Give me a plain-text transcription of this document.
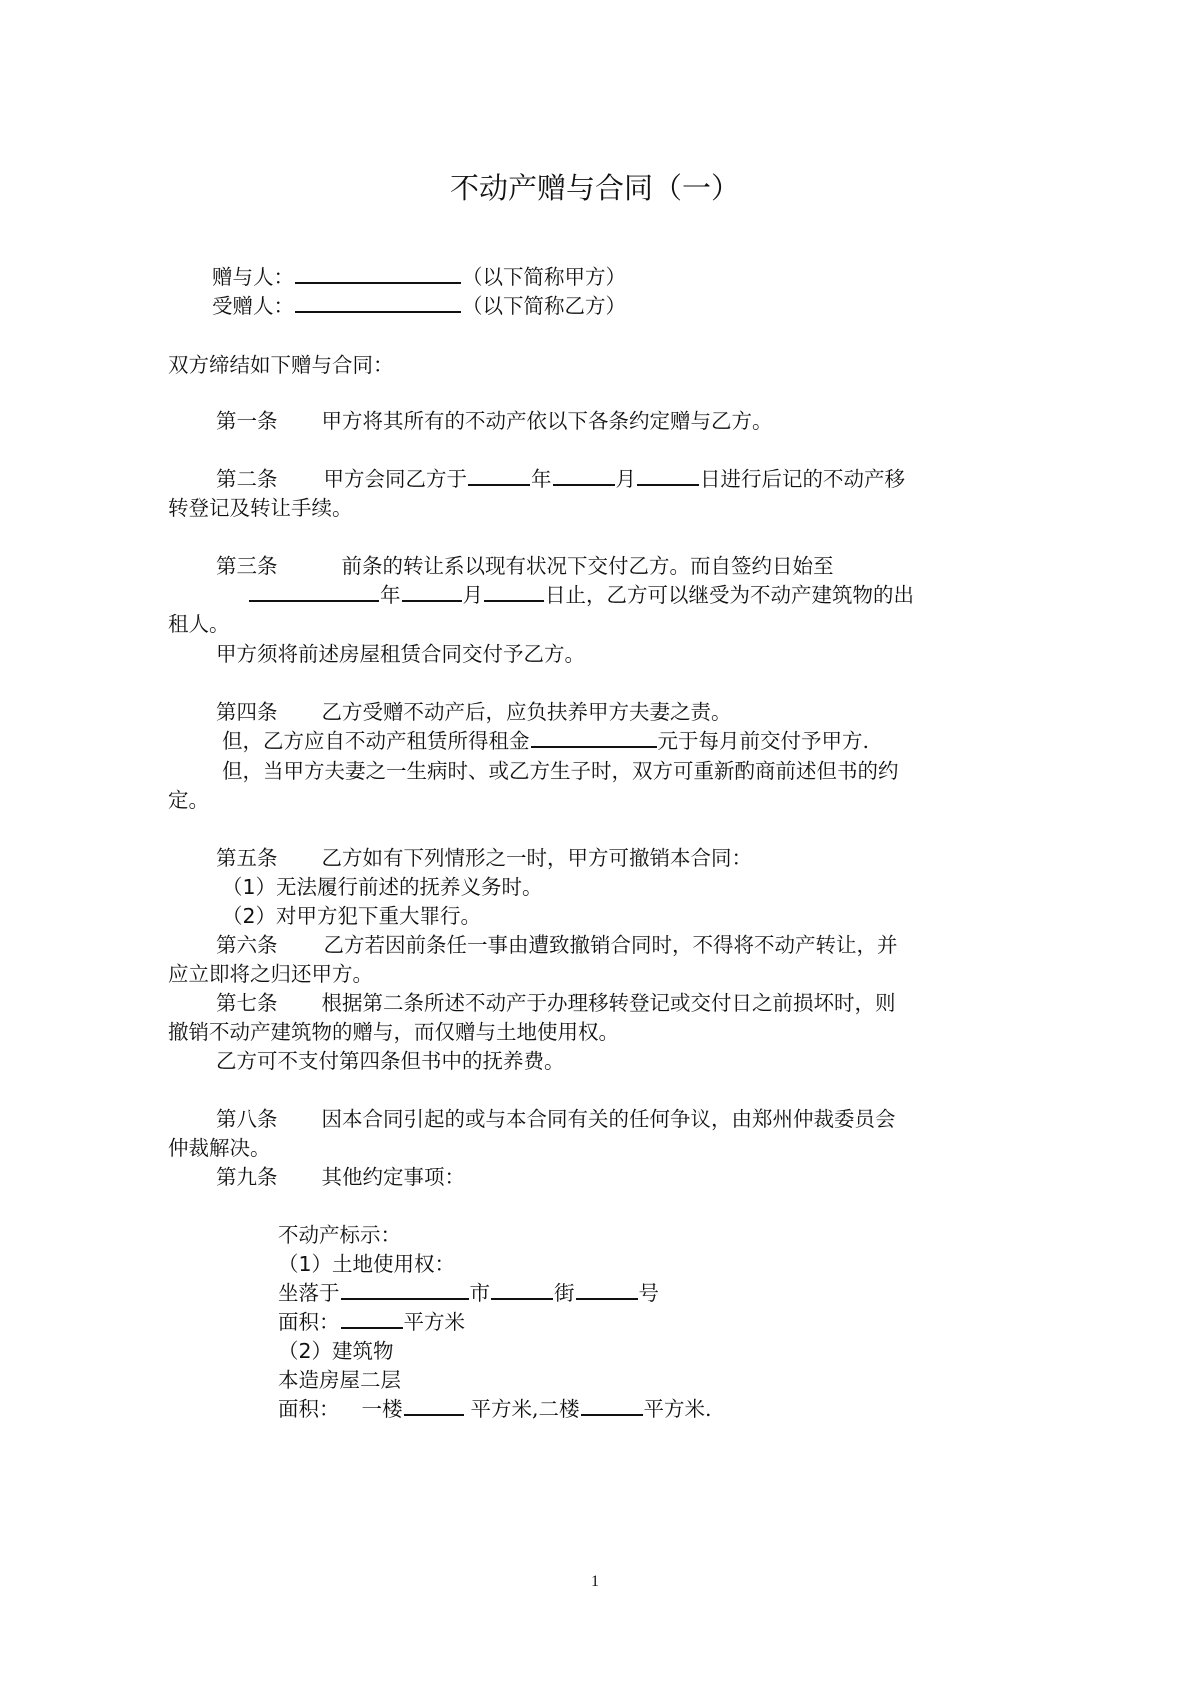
不动产赠与合同（一）
赠与人：	（以下简称甲方）
受赠人：	（以下简称乙方）
双方缔结如下赠与合同：
第一条 甲方将其所有的不动产依以下各条约定赠与乙方。
第二条 甲方会同乙方于	年	月	日进行后记的不动产移
转登记及转让手续。
第三条	前条的转让系以现有状况下交付乙方。而自签约日始至
年	月	日止，乙方可以继受为不动产建筑物的出
租人。
甲方须将前述房屋租赁合同交付予乙方。
第四条 乙方受赠不动产后，应负扶养甲方夫妻之责。
但，乙方应自不动产租赁所得租金	元于每月前交付予甲方.
但，当甲方夫妻之一生病时、或乙方生子时，双方可重新酌商前述但书的约
定。
第五条 乙方如有下列情形之一时，甲方可撤销本合同：
（1）无法履行前述的抚养义务时。
（2）对甲方犯下重大罪行。
第六条 乙方若因前条任一事由遭致撤销合同时，不得将不动产转让，并
应立即将之归还甲方。
第七条 根据第二条所述不动产于办理移转登记或交付日之前损坏时，则
撤销不动产建筑物的赠与，而仅赠与土地使用权。
乙方可不支付第四条但书中的抚养费。
第八条 因本合同引起的或与本合同有关的任何争议，由郑州仲裁委员会
仲裁解决。
第九条 其他约定事项：
不动产标示：
（1）土地使用权：
坐落于	市	街	号
面积：	平方米
（2）建筑物
本造房屋二层
面积： 一楼	平方米,二楼	平方米.
1
